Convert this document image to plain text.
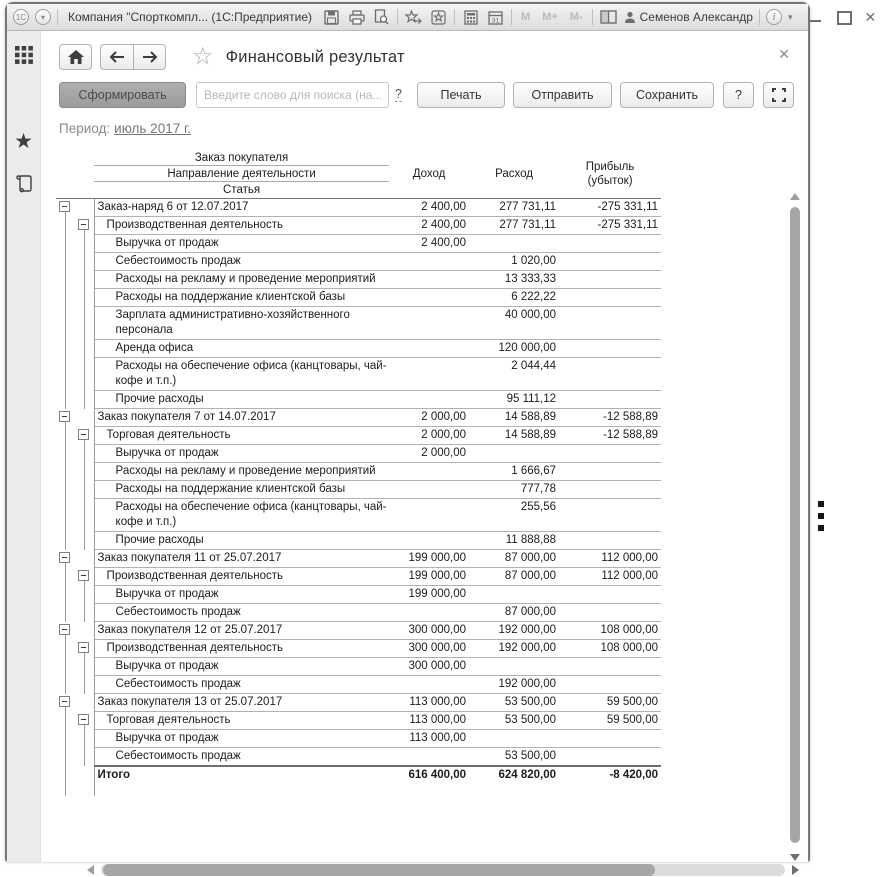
1С	▾	Компания "Спорткомпл... (1С:Предприятие)	31 M M+ M-	Семенов Александр	i	▾	✕
★
☆ Финансовый результат	✕
Сформировать
Введите слово для поиска (на...	?	Печать	Отправить	Сохранить	?
Период: июль 2017 г.

		Заказ покупателя
Направление деятельности
Статья	Доход	Расход	Прибыль (убыток)

		Заказ-наряд 6 от 12.07.2017	2 400,00	277 731,11	-275 331,11

	Производственная деятельность	2 400,00	277 731,11	-275 331,11

	Выручка от продаж	2 400,00		

	Себестоимость продаж		1 020,00	

	Расходы на рекламу и проведение мероприятий		13 333,33	

	Расходы на поддержание клиентской базы		6 222,22	

	Зарплата административно-хозяйственного персонала		40 000,00	

	Аренда офиса		120 000,00	

	Расходы на обеспечение офиса (канцтовары, чай-кофе и т.п.)		2 044,44	

	Прочие расходы		95 111,12	

		Заказ покупателя 7 от 14.07.2017	2 000,00	14 588,89	-12 588,89

	Торговая деятельность	2 000,00	14 588,89	-12 588,89

	Выручка от продаж	2 000,00		

	Расходы на рекламу и проведение мероприятий		1 666,67	

	Расходы на поддержание клиентской базы		777,78	

	Расходы на обеспечение офиса (канцтовары, чай-кофе и т.п.)		255,56	

	Прочие расходы		11 888,88	

		Заказ покупателя 11 от 25.07.2017	199 000,00	87 000,00	112 000,00

	Производственная деятельность	199 000,00	87 000,00	112 000,00

	Выручка от продаж	199 000,00		

	Себестоимость продаж		87 000,00	

		Заказ покупателя 12 от 25.07.2017	300 000,00	192 000,00	108 000,00

	Производственная деятельность	300 000,00	192 000,00	108 000,00

	Выручка от продаж	300 000,00		

	Себестоимость продаж		192 000,00	

		Заказ покупателя 13 от 25.07.2017	113 000,00	53 500,00	59 500,00

	Торговая деятельность	113 000,00	53 500,00	59 500,00

	Выручка от продаж	113 000,00		

	Себестоимость продаж		53 500,00	

		Итого	616 400,00	624 820,00	-8 420,00
